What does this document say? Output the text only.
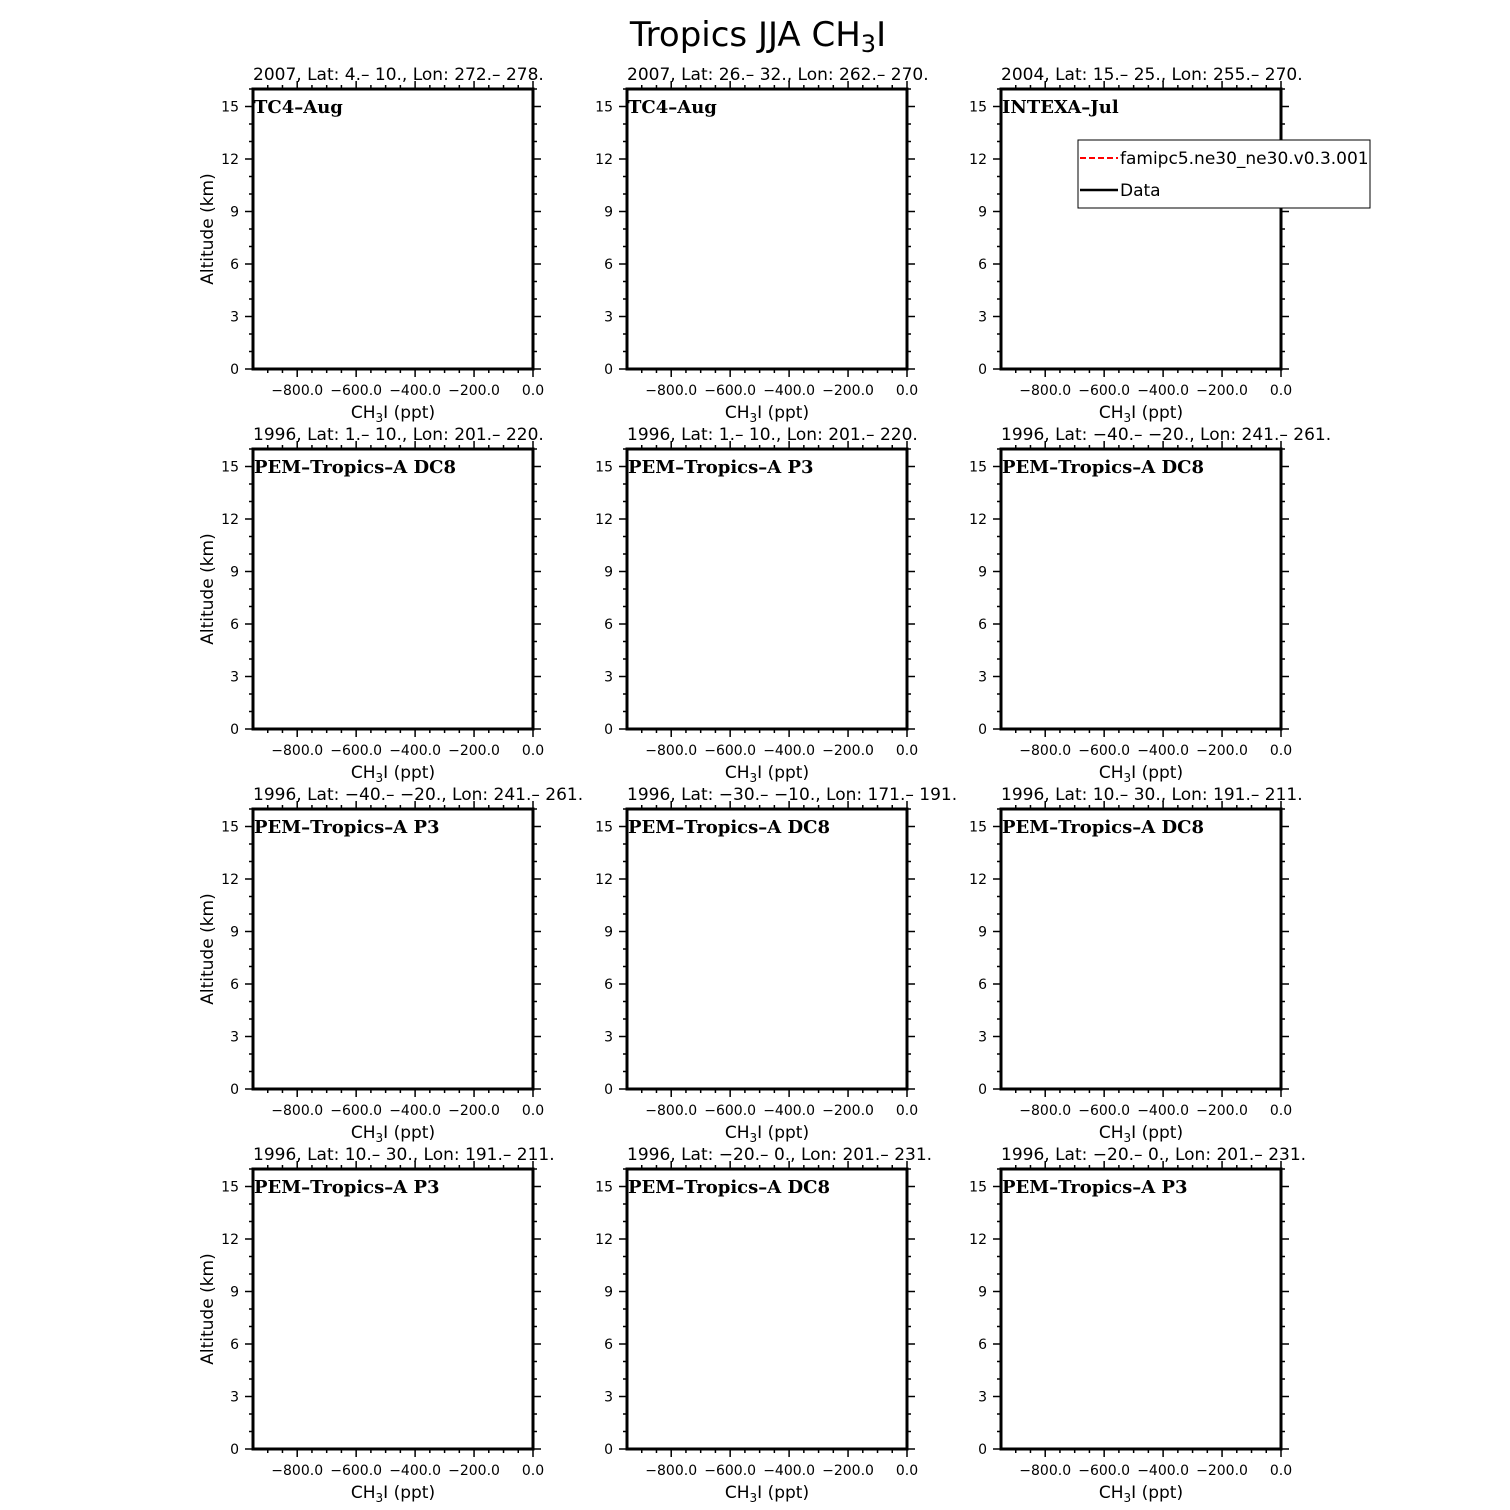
Tropics JJA CH3I
−800.0 −600.0 −400.0 −200.0 0.0
0
3
6
9
12
15
2007, Lat: 4.– 10., Lon: 272.– 278.
TC4–Aug
$CH_3I$ (ppt)
Altitude (km)
−800.0 −600.0 −400.0 −200.0 0.0
0
3
6
9
12
15
2007, Lat: 26.– 32., Lon: 262.– 270.
TC4–Aug
$CH_3I$ (ppt)
−800.0 −600.0 −400.0 −200.0 0.0
0
3
6
9
12
15
2004, Lat: 15.– 25., Lon: 255.– 270.
INTEXA–Jul
$CH_3I$ (ppt)
−800.0 −600.0 −400.0 −200.0 0.0
0
3
6
9
12
15
1996, Lat: 1.– 10., Lon: 201.– 220.
PEM–Tropics–A DC8
$CH_3I$ (ppt)
Altitude (km)
−800.0 −600.0 −400.0 −200.0 0.0
0
3
6
9
12
15
1996, Lat: 1.– 10., Lon: 201.– 220.
PEM–Tropics–A P3
$CH_3I$ (ppt)
−800.0 −600.0 −400.0 −200.0 0.0
0
3
6
9
12
15
1996, Lat: −40.– −20., Lon: 241.– 261.
PEM–Tropics–A DC8
$CH_3I$ (ppt)
−800.0 −600.0 −400.0 −200.0 0.0
0
3
6
9
12
15
1996, Lat: −40.– −20., Lon: 241.– 261.
PEM–Tropics–A P3
$CH_3I$ (ppt)
Altitude (km)
−800.0 −600.0 −400.0 −200.0 0.0
0
3
6
9
12
15
1996, Lat: −30.– −10., Lon: 171.– 191.
PEM–Tropics–A DC8
$CH_3I$ (ppt)
−800.0 −600.0 −400.0 −200.0 0.0
0
3
6
9
12
15
1996, Lat: 10.– 30., Lon: 191.– 211.
PEM–Tropics–A DC8
$CH_3I$ (ppt)
−800.0 −600.0 −400.0 −200.0 0.0
0
3
6
9
12
15
1996, Lat: 10.– 30., Lon: 191.– 211.
PEM–Tropics–A P3
$CH_3I$ (ppt)
Altitude (km)
−800.0 −600.0 −400.0 −200.0 0.0
0
3
6
9
12
15
1996, Lat: −20.– 0., Lon: 201.– 231.
PEM–Tropics–A DC8
$CH_3I$ (ppt)
−800.0 −600.0 −400.0 −200.0 0.0
0
3
6
9
12
15
1996, Lat: −20.– 0., Lon: 201.– 231.
PEM–Tropics–A P3
$CH_3I$ (ppt)
famipc5.ne30_ne30.v0.3.001
Data
